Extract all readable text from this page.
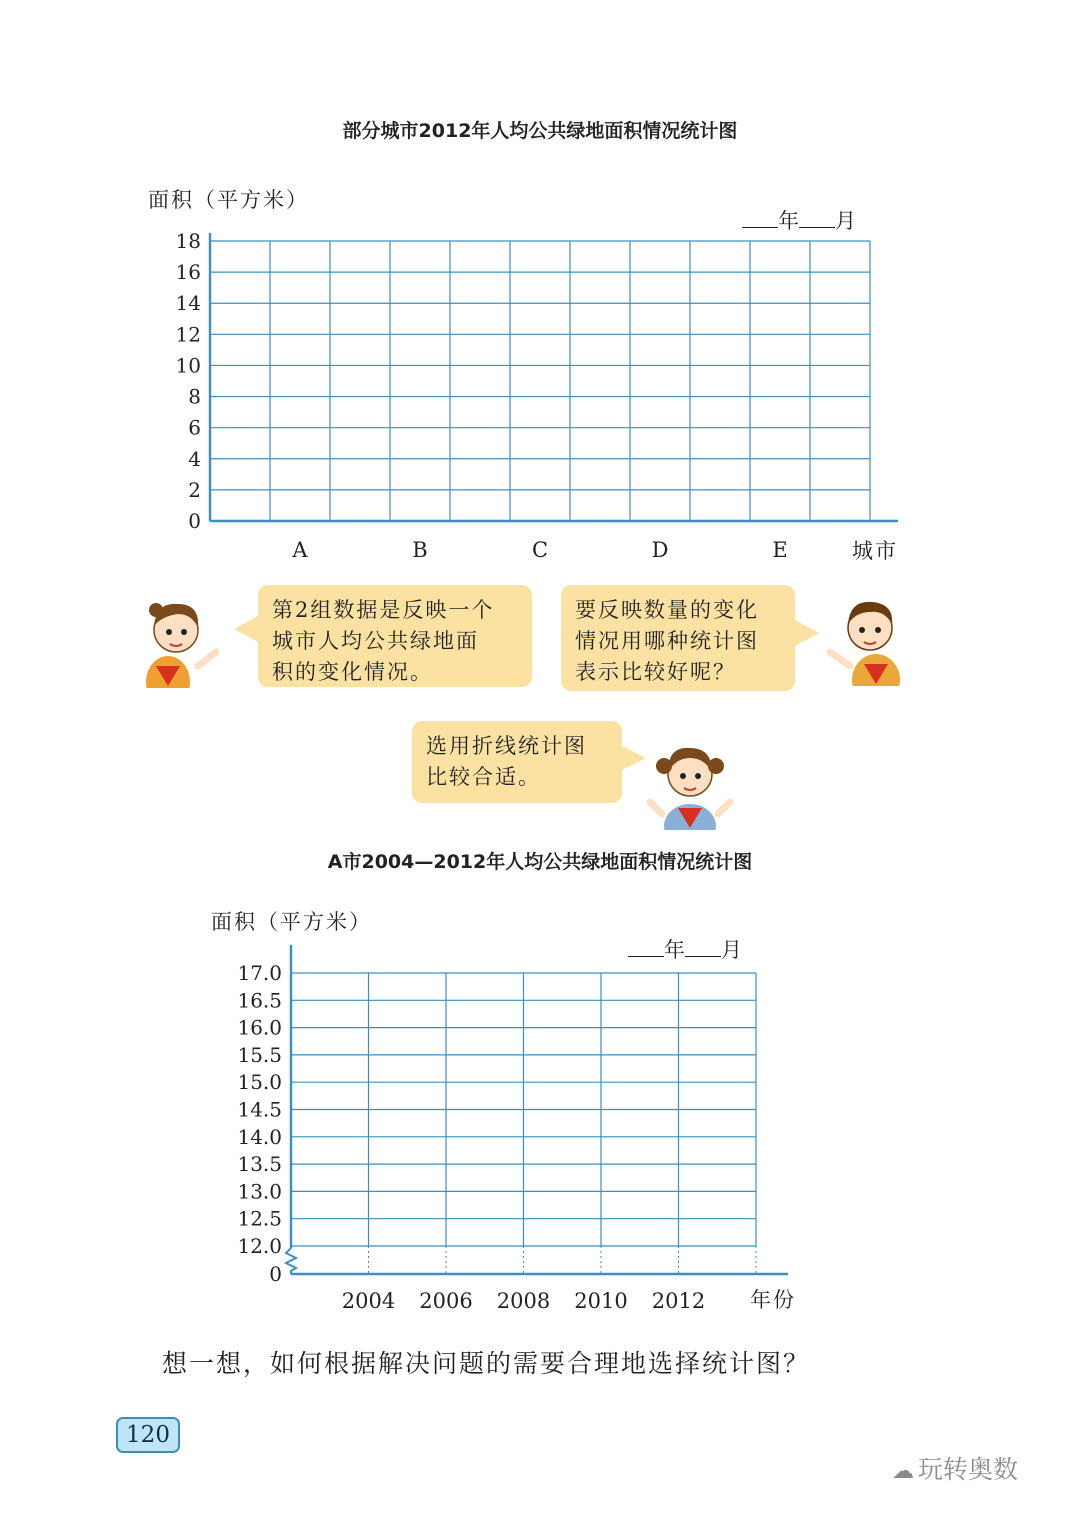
部分城市2012年人均公共绿地面积情况统计图
面积（平方米）
年 月
0
2
4
6
8
10
12
14
16
18
A	B	C	D	E	城市
第2组数据是反映一个
城市人均公共绿地面
积的变化情况。
要反映数量的变化
情况用哪种统计图
表示比较好呢？
选用折线统计图
比较合适。
A市2004—2012年人均公共绿地面积情况统计图
面积（平方米）
年 月
0
12.0
12.5
13.0
13.5
14.0
14.5
15.0
15.5
16.0
16.5
17.0
2004 2006 2008 2010 2012 年份
想一想，如何根据解决问题的需要合理地选择统计图？
120
☁ 玩转奥数
